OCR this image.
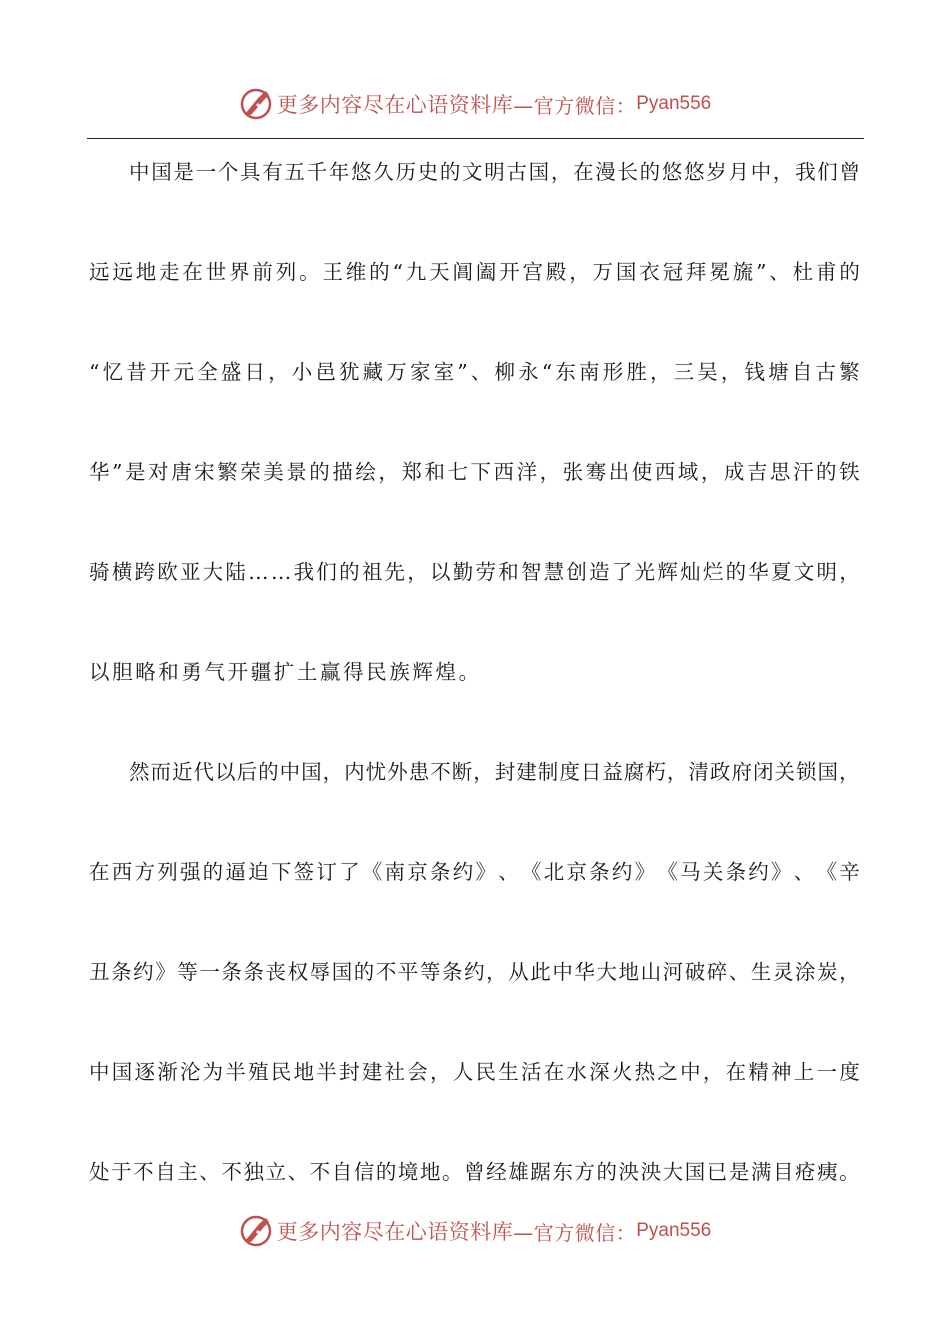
更多内容尽在心语资料库 —官方微信： Pyan556
中 国 是 一 个 具 有 五 千 年 悠 久 历 史 的 文 明 古 国 ， 在 漫 长 的 悠 悠 岁 月 中 ， 我 们 曾
远 远 地 走 在 世 界 前 列 。 王 维 的 “ 九 天 阊 阖 开 宫 殿 ， 万 国 衣 冠 拜 冕 旒 ” 、 杜 甫 的
“ 忆 昔 开 元 全 盛 日 ， 小 邑 犹 藏 万 家 室 ” 、 柳 永 “ 东 南 形 胜 ， 三 吴 ， 钱 塘 自 古 繁
华 ” 是 对 唐 宋 繁 荣 美 景 的 描 绘 ， 郑 和 七 下 西 洋 ， 张 骞 出 使 西 域 ， 成 吉 思 汗 的 铁
骑 横 跨 欧 亚 大 陆 … … 我 们 的 祖 先 ， 以 勤 劳 和 智 慧 创 造 了 光 辉 灿 烂 的 华 夏 文 明 ，
以胆略和勇气开疆扩土赢得民族辉煌。
然 而 近 代 以 后 的 中 国 ， 内 忧 外 患 不 断 ， 封 建 制 度 日 益 腐 朽 ， 清 政 府 闭 关 锁 国 ，
在 西 方 列 强 的 逼 迫 下 签 订 了 《 南 京 条 约 》 、 《 北 京 条 约 》 《 马 关 条 约 》 、 《 辛
丑 条 约 》 等 一 条 条 丧 权 辱 国 的 不 平 等 条 约 ， 从 此 中 华 大 地 山 河 破 碎 、 生 灵 涂 炭 ，
中 国 逐 渐 沦 为 半 殖 民 地 半 封 建 社 会 ， 人 民 生 活 在 水 深 火 热 之 中 ， 在 精 神 上 一 度
处 于 不 自 主 、 不 独 立 、 不 自 信 的 境 地 。 曾 经 雄 踞 东 方 的 泱 泱 大 国 已 是 满 目 疮 痍 。
更多内容尽在心语资料库 —官方微信： Pyan556
